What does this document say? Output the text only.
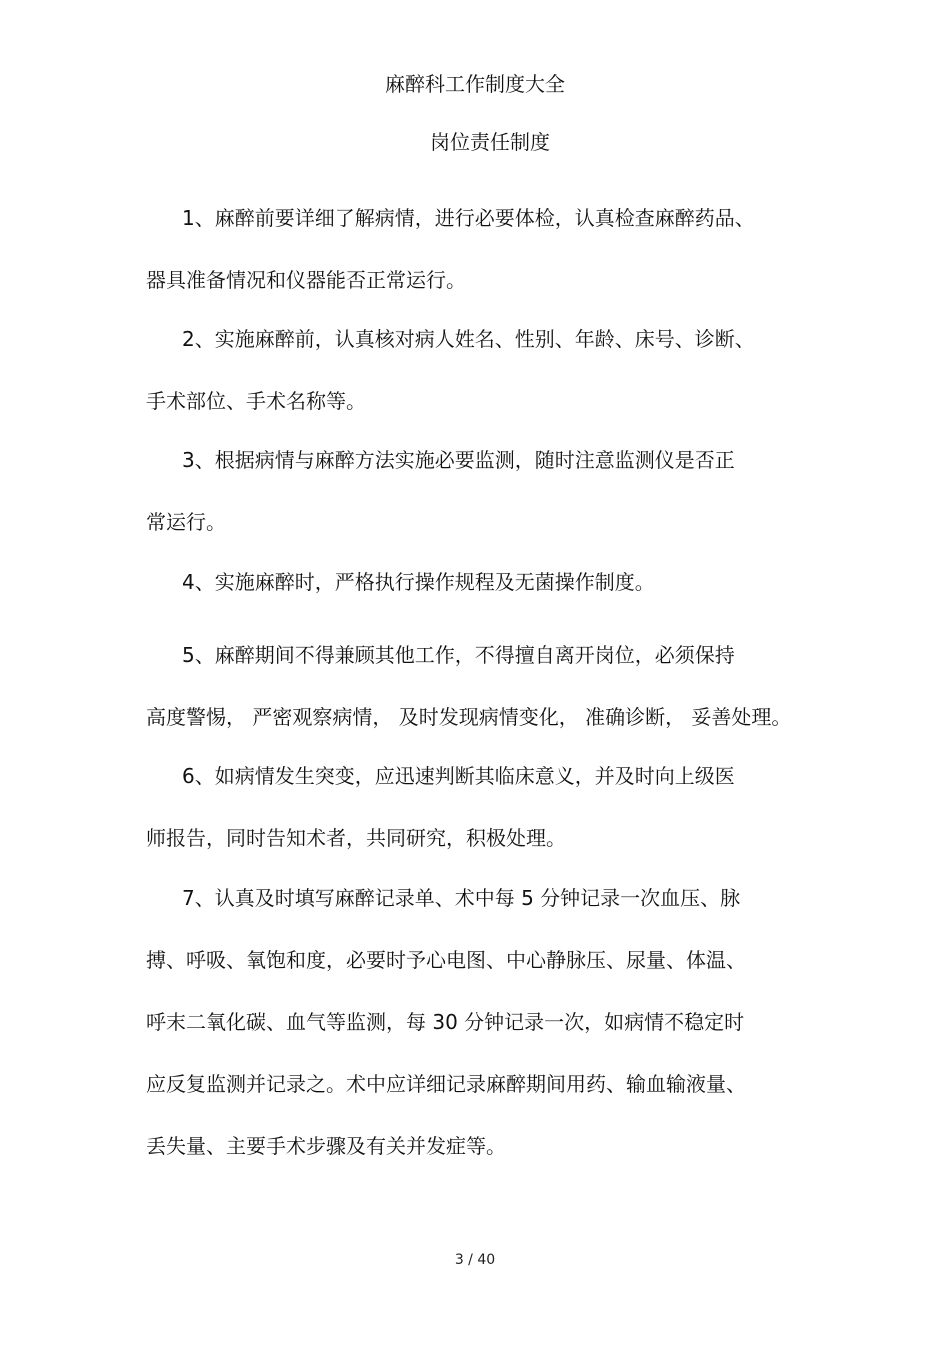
麻醉科工作制度大全
岗位责任制度

1、麻醉前要详细了解病情，进行必要体检，认真检查麻醉药品、
器具准备情况和仪器能否正常运行。

2、实施麻醉前，认真核对病人姓名、性别、年龄、床号、诊断、
手术部位、手术名称等。

3、根据病情与麻醉方法实施必要监测，随时注意监测仪是否正
常运行。

4、实施麻醉时，严格执行操作规程及无菌操作制度。

5、麻醉期间不得兼顾其他工作，不得擅自离开岗位，必须保持
高度警惕， 严密观察病情， 及时发现病情变化， 准确诊断， 妥善处理。

6、如病情发生突变，应迅速判断其临床意义，并及时向上级医
师报告，同时告知术者，共同研究，积极处理。

7、认真及时填写麻醉记录单、术中每 5 分钟记录一次血压、脉
搏、呼吸、氧饱和度，必要时予心电图、中心静脉压、尿量、体温、
呼末二氧化碳、血气等监测，每 30 分钟记录一次，如病情不稳定时
应反复监测并记录之。术中应详细记录麻醉期间用药、输血输液量、
丢失量、主要手术步骤及有关并发症等。

3 / 40
